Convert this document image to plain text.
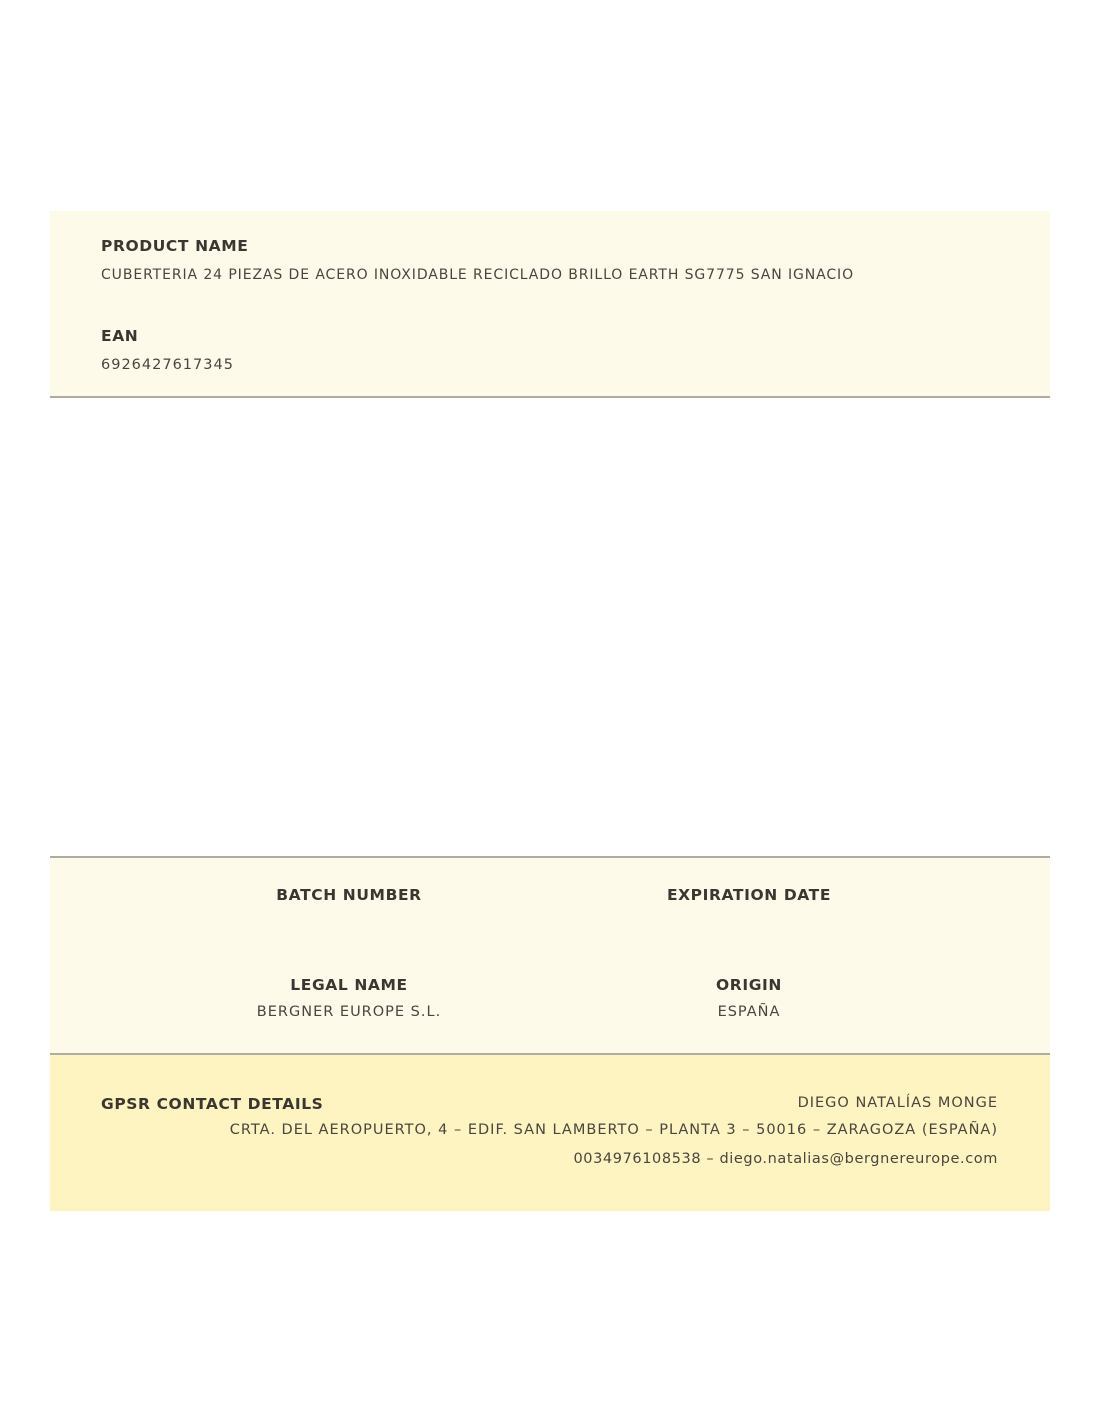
PRODUCT NAME
CUBERTERIA 24 PIEZAS DE ACERO INOXIDABLE RECICLADO BRILLO EARTH SG7775 SAN IGNACIO
EAN
6926427617345
BATCH NUMBER	EXPIRATION DATE
LEGAL NAME
BERGNER EUROPE S.L.
ORIGIN
ESPAÑA
GPSR CONTACT DETAILS	DIEGO NATALÍAS MONGE
CRTA. DEL AEROPUERTO, 4 – EDIF. SAN LAMBERTO – PLANTA 3 – 50016 – ZARAGOZA (ESPAÑA)
0034976108538 – diego.natalias@bergnereurope.com
